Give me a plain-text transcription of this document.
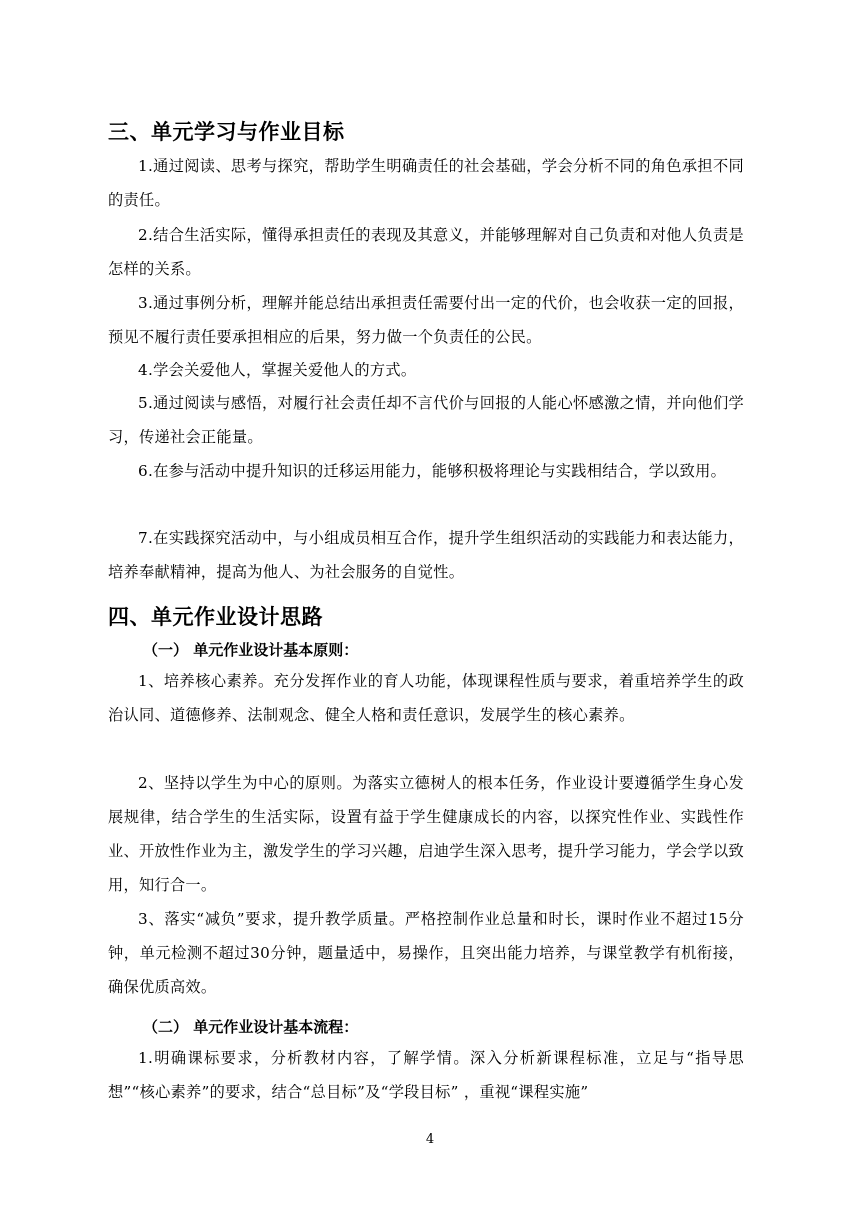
三、单元学习与作业目标
1.通过阅读、思考与探究，帮助学生明确责任的社会基础，学会分析不同的角色承担不同的责任。
2.结合生活实际，懂得承担责任的表现及其意义，并能够理解对自己负责和对他人负责是怎样的关系。
3.通过事例分析，理解并能总结出承担责任需要付出一定的代价，也会收获一定的回报，预见不履行责任要承担相应的后果，努力做一个负责任的公民。
4.学会关爱他人，掌握关爱他人的方式。
5.通过阅读与感悟，对履行社会责任却不言代价与回报的人能心怀感激之情，并向他们学习，传递社会正能量。
6.在参与活动中提升知识的迁移运用能力，能够积极将理论与实践相结合，学以致用。
7.在实践探究活动中，与小组成员相互合作，提升学生组织活动的实践能力和表达能力，培养奉献精神，提高为他人、为社会服务的自觉性。
四、单元作业设计思路
（一） 单元作业设计基本原则：
1、培养核心素养。充分发挥作业的育人功能，体现课程性质与要求，着重培养学生的政治认同、道德修养、法制观念、健全人格和责任意识，发展学生的核心素养。
2、坚持以学生为中心的原则。为落实立德树人的根本任务，作业设计要遵循学生身心发展规律，结合学生的生活实际，设置有益于学生健康成长的内容，以探究性作业、实践性作业、开放性作业为主，激发学生的学习兴趣，启迪学生深入思考，提升学习能力，学会学以致用，知行合一。
3、落实“减负”要求，提升教学质量。严格控制作业总量和时长，课时作业不超过15分钟，单元检测不超过30分钟，题量适中，易操作，且突出能力培养，与课堂教学有机衔接，确保优质高效。
（二） 单元作业设计基本流程：
1.明确课标要求，分析教材内容，了解学情。深入分析新课程标准，立足与“指导思想”“核心素养”的要求，结合“总目标”及“学段目标” ，重视“课程实施”
4
